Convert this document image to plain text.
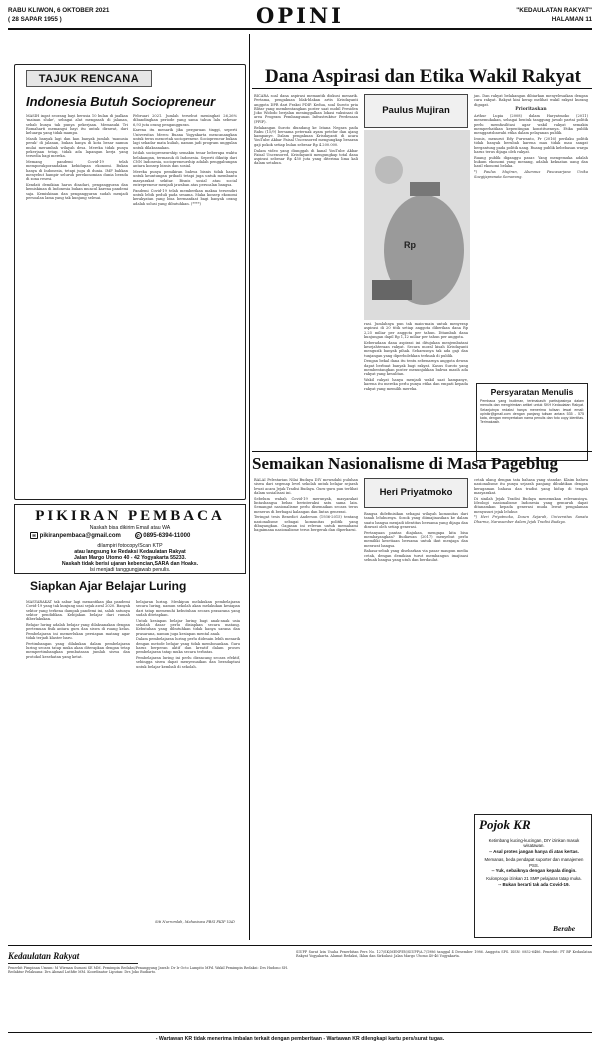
RABU KLIWON, 6 OKTOBER 2021
( 28 SAPAR 1955 )	OPINI	"KEDAULATAN RAKYAT"
HALAMAN 11
TAJUK RENCANA
Indonesia Butuh Sociopreneur

MASIH ingat seorang bayi berusia 10 bulan di jualkan 'mainan sluke', sebagai alat mengasah di jalanan, sebab bunya tak punya pekerjaan. Memasuki Tri Romaharti memangsi bayi itu untuk dirawat, dari keluarga yang tidak mampu.

Masih banyak lagi dan kan banyak jumlah 'manusia perak' di jalanan, bukan hanya di kota besar namun mulai merambah wilayah desa. Mereka tidak punya pekerjaan tetap, tidak ada lapangan kerja yang tersedia bagi mereka.

Memang pandemi Covid-19 telah memporakporandakan kehidupan ekonomi. Bukan hanya di Indonesia, tetapi juga di dunia. IMF bahkan menyebut hampir seluruh perekonomian dunia berada di zona resesi.

Kendati demikian harus disadari, pengangguran dan kemiskinan di Indonesia bukan muncul karena pandemi saja. Kemiskinan dan pengangguran sudah menjadi persoalan lama yang tak kunjung selesai.

Februari 2021. Jumlah tersebut meningkat 26,26% dibandingkan periode yang sama tahun lalu sebesar 6,93 juta orang pengangguran.

Karena itu menarik jika perguruan tinggi, seperti Universitas Mercu Buana Yogyakarta mencanangkan untuk terus mencetak sociopreneur. Sociopreneur bukan lagi sekadar mata kuliah, namun jadi program unggulan untuk dilaksanakan.

Istilah sociopreneurship semakin tenar beberapa waktu belakangan, termasuk di Indonesia. Seperti dikutip dari CNN Indonesia, sociopreneurship adalah penggabungan antara konsep bisnis dan sosial.

Mereka punya pemikiran bahwa bisnis tidak hanya untuk keuntungan pribadi tetapi juga untuk membantu masyarakat sekitar. Bisnis sosial atau social entrepreneur menjadi jawaban atas persoalan bangsa.

Pandemi Covid-19 telah memberikan makna tersendiri untuk lebih peduli pada sesama. Maka konsep ekonomi kerakyatan yang bisa bermanfaat bagi banyak orang adalah solusi yang dibutuhkan. (****)

PIKIRAN PEMBACA
Naskah bisa dikirim Email atau WA
✉ pikiranpembaca@gmail.com	✆ 0895-6394-11000
dilampiri fotocopy/Scan KTP
atau langsung ke Redaksi Kedaulatan Rakyat
Jalan Margo Utomo 40 - 42 Yogyakarta 55233.
Naskah tidak berisi ujaran kebencian,SARA dan Hoaks.
Isi menjadi tanggungjawab penulis.
Siapkan Ajar Belajar Luring

MASYARAKAT tak sabar lagi menantikan jika pandemi Covid-19 yang tak kunjung usai sejak awal 2020. Banyak sektor yang terkena dampak pandemi ini, salah satunya sektor pendidikan. Kebijakan belajar dari rumah diberlakukan.

Belajar luring adalah belajar yang dilaksanakan dengan pertemuan fisik antara guru dan siswa di ruang kelas. Pembelajaran ini memerlukan persiapan matang agar tidak terjadi klaster baru.

Pertimbangan yang dilakukan dalam pembelajaran luring secara tatap muka akan diterapkan dengan tetap mempertimbangkan pembatasan jumlah siswa dan protokol kesehatan yang ketat.

belajaran luring. Meskipun melakukan pembelajaran secara luring, namun sekolah akan melakukan kesiapan dari tatap memenuhi kebutuhan secara prasarana yang sudah ditetapkan.

Untuk kesiapan belajar luring bagi anak-anak usia sekolah dasar perlu disiapkan secara matang. Kebutuhan yang dibutuhkan tidak hanya sarana dan prasarana, namun juga kesiapan mental anak.

Dalam pembelajaran luring perlu didesain lebih menarik dengan metode belajar yang tidak membosankan. Guru harus berperan aktif dan kreatif dalam proses pembelajaran tatap muka secara terbatas.

Pembelajaran luring ini perlu dirancang secara efektif, sehingga siswa dapat menyesuaikan dan beradaptasi untuk belajar kembali di sekolah.

Siti Nurromlah, Mahasiswa PBSI FKIP UAD
Dana Aspirasi dan Etika Wakil Rakyat

BICARA soal dana aspirasi memantik diskusi menarik. Pertama, pengakuan blak-blakan artis Krisdayanti anggota DPR dari Fraksi PDIP. Kedua, soal Suroto pria Blitar yang membentangkan poster saat mobil Presiden Joko Widodo berjalan meninggalkan lokasi vaksinasi di area Program Pembangunan Infrastruktur Perdesaan (PPIP).

Belakangan Suroto diundang ke Istana Negara pada Rabu (15/9) bersama peternak ayam petelur dan ajang kampanye. Dalam pengakuan Krisdayanti di acara YouTube Akbar Faisal Uncensored mengungkap besaran gaji pokok setiap bulan sebesar Rp 4.200.000.

Dalam video yang diunggah di kanal YouTube Akbar Faisal Uncensored, Krisdayanti mengungkap total dana aspirasi sebesar Rp 450 juta yang diterima lima kali dalam setahun.

Paulus Mujiran
Rp

rasi. Jumlahnya pun tak main-main untuk menyerap aspirasi di 20 titik setiap anggota diberikan dana Rp 2,25 miliar per anggota per tahun. Ditambah dana kunjungan dapil Rp 1,12 miliar per tahun per anggota.

Keberadaan dana aspirasi ini ditujukan menjembatani kesejahteraan rakyat. Secara moral kisah Krisdayanti mengusik banyak pihak. Seharusnya tak ada gaji dan tunjangan yang diperbolehkan terkuak di publik.

Dengan bekal dana itu tentu sebenarnya anggota dewan dapat berbuat banyak bagi rakyat. Kasus Suroto yang membentangkan poster menunjukkan bahwa masih ada rakyat yang kesulitan.

Wakil rakyat hanya menjadi wakil saat kampanye, karena itu mereka perlu punya etika dan empati kepada rakyat yang memilih mereka.

jan. Dan rakyat belakangan dibiarkan menyelesaikan dengan cara rakyat. Rakyat kini kerap melihat wakil rakyat kurang digugat.

Prioritaskan

Arthur Lupia (2008) dalam Haryatmoko (2011) menemukakan, sebagai bentuk tanggung jawab partai politik perlu memfasilitasi agar wakil rakyat semakin memperhatikan kepentingan konstituennya. Etika publik menggarisbawahi etika dalam pelayanan publik.

Ironis, menurut Edy Purwanto, Pr (2016) perilaku politik tidak banyak berubah karena mau tidak mau sangat bergantung pada politik uang. Ruang publik kebebasan warga harus terus dijaga oleh rakyat.

Ruang publik diganggu pasar. Yang mengemuka adalah hukum ekonomi yang menang, adalah kekuatan uang dan hasil ekonomi belaka.

*) Paulus Mujiran, Alumnus Pascasarjana Unika Soegijapranata Semarang.

Persyaratan Menulis
Pembaca yang budiman, terimakasih partisipasinya dalam menulis dan mengirimkan artikel untuk SKH Kedaulatan Rakyat. Selanjutnya redaksi hanya menerima tulisan lewat email: opinikr@gmail.com dengan panjang tulisan antara 535 - 575 kata, dengan menyertakan nama penulis dan foto copy identitas. Terimakasih.
Semaikan Nasionalisme di Masa Pageblug

BALAI Pelestarian Nilai Budaya DIY mewadahi puluhan siswa dari segenap level sekolah untuk belajar sejarah lewat acara Jejak Tradisi Budaya. Guru-guru pun terlibat dalam sosialisasi ini.

Sebelum wabah Covid-19 merunyak, masyarakat lintasbangsa bebas berinteraksi satu sama lain. Semangat nasionalisme perlu disemaikan secara terus menerus di berbagai kalangan dan lintas generasi.

Teringat tesis Benedict Anderson (1936-2015) tentang nasionalisme sebagai komunitas politik yang dibayangkan. Gagasan ini relevan untuk memahami bagaimana nasionalisme terus bergerak dan diperbarui.

Heri Priyatmoko

Bangsa didefinisikan sebagai wilayah komunitas dari tanah leluhurnya. Sosok yang diimajinasikan ke dalam suatu bangsa menjadi identitas bersama yang dijaga dan dirawat oleh setiap generasi.

Pertanyaan pantas diajukan, mengapa kita bisa membayangkan? Budiawan (2017) menyebut perlu memiliki kesetiaan bersama untuk ikut menjaga dan merawat bangsa.

Bahasa-sebab yang disebarkan via pasar maupun media cetak, dengan demikian turut membangun imajinasi sebuah bangsa yang utuh dan berdaulat.

cetak ulang dengan tata bahasa yang standar. Klaim bahwa nasionalisme itu punya sejarah panjang dibuktikan dengan keragaman bahasa dan tradisi yang hidup di tengah masyarakat.

Di sinilah Jejak Tradisi Budaya menemukan relevansinya. Ideologi nasionalisme Indonesia yang gemuruh dapat ditanamkan kepada generasi muda lewat pengalaman menyusuri jejak leluhur.

*) Heri Priyatmoko, Dosen Sejarah, Universitas Sanata Dharma, Narasumber dalam Jejak Tradisi Budaya.

Pojok KR

Ketimbang kucing-kucingan, DIY izinkan masuk wisatawan.
-- Asal protes jangan hanya di atas kertas.

Memanas, beda pendapat suporter dan manajemen PSS.
-- Yuk, sebaiknya dengan kepala dingin.

Kulonprogo izinkan 21 SMP pelajaran tatap muka.
-- Bukan berarti tak ada Covid-19.

Berabe
Kedaulatan Rakyat
Penerbit Pimpinan Umum: M Wirman Sumosi SE MM. Pemimpin Redaksi/Penanggung Jawab: Dr Ir Octo Lampito MPd. Wakil Pemimpin Redaksi: Drs Hudono SH. Redaktur Pelaksana: Drs Ahmad Luthfie MM. Koordinator Liputan: Drs Joko Budiarto.
SIUPP Surat Izin Usaha Penerbitan Pers No. 127/SK/MENPEN/SIUPP/A.7/1986 tanggal 4 Desember 1986. Anggota SPS. ISSN: 0852-6486. Penerbit: PT BP Kedaulatan Rakyat Yogyakarta. Alamat Redaksi, Iklan dan Sirkulasi: Jalan Margo Utomo 40-46 Yogyakarta.
- Wartawan KR tidak menerima imbalan terkait dengan pemberitaan - Wartawan KR dilengkapi kartu pers/surat tugas.
